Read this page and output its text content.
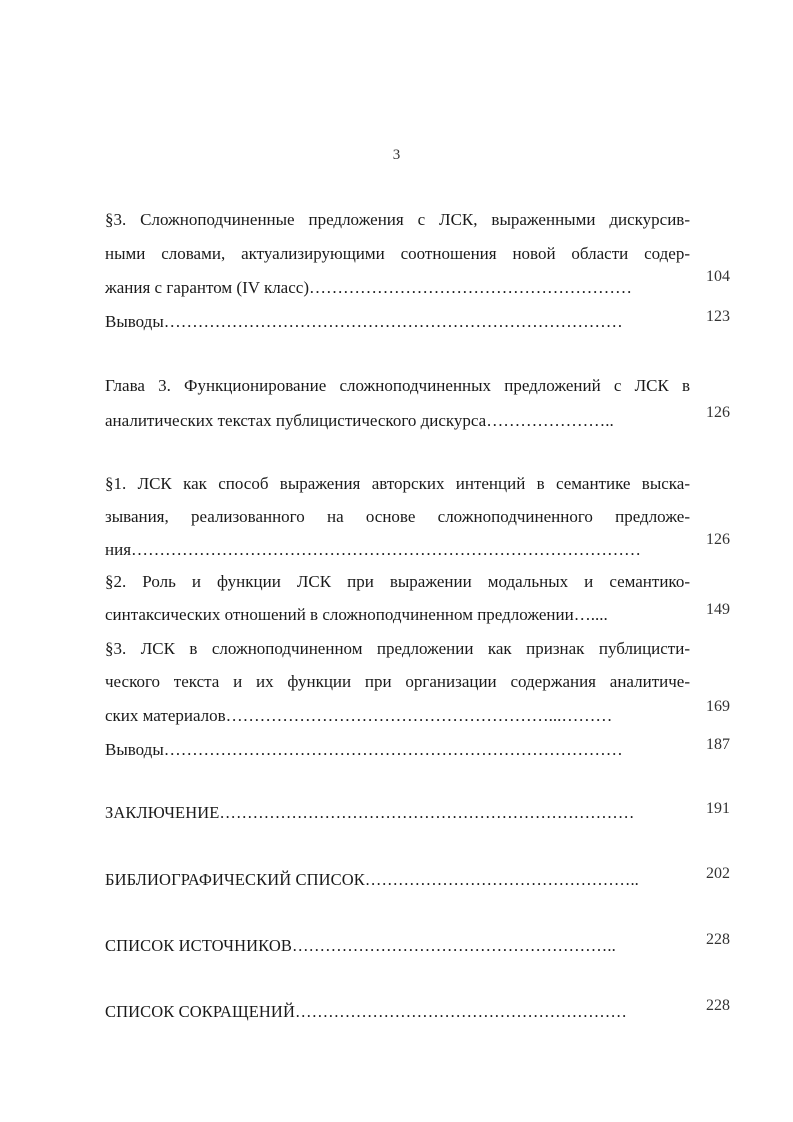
3
§3. Сложноподчиненные предложения с ЛСК, выраженными дискурсив-
ными словами, актуализирующими соотношения новой области содер-
жания с гарантом (IV класс)…………………………………………………
104
Выводы………………………………………………………………………	123
Глава 3. Функционирование сложноподчиненных предложений с ЛСК в
аналитических текстах публицистического дискурса…………………..	126
§1. ЛСК как способ выражения авторских интенций в семантике выска-
зывания, реализованного на основе сложноподчиненного предложе-
ния………………………………………………………………………………
126
§2. Роль и функции ЛСК при выражении модальных и семантико-
синтаксических отношений в сложноподчиненном предложении…....	149
§3. ЛСК в сложноподчиненном предложении как признак публицисти-
ческого текста и их функции при организации содержания аналитиче-
ских материалов…………………………………………………...………	169
Выводы………………………………………………………………………	187
ЗАКЛЮЧЕНИЕ…………………………………………………………………	191
БИБЛИОГРАФИЧЕСКИЙ СПИСОК…………………………………………..	202
СПИСОК ИСТОЧНИКОВ…………………………………………………..	228
СПИСОК СОКРАЩЕНИЙ……………………………………………………	228
